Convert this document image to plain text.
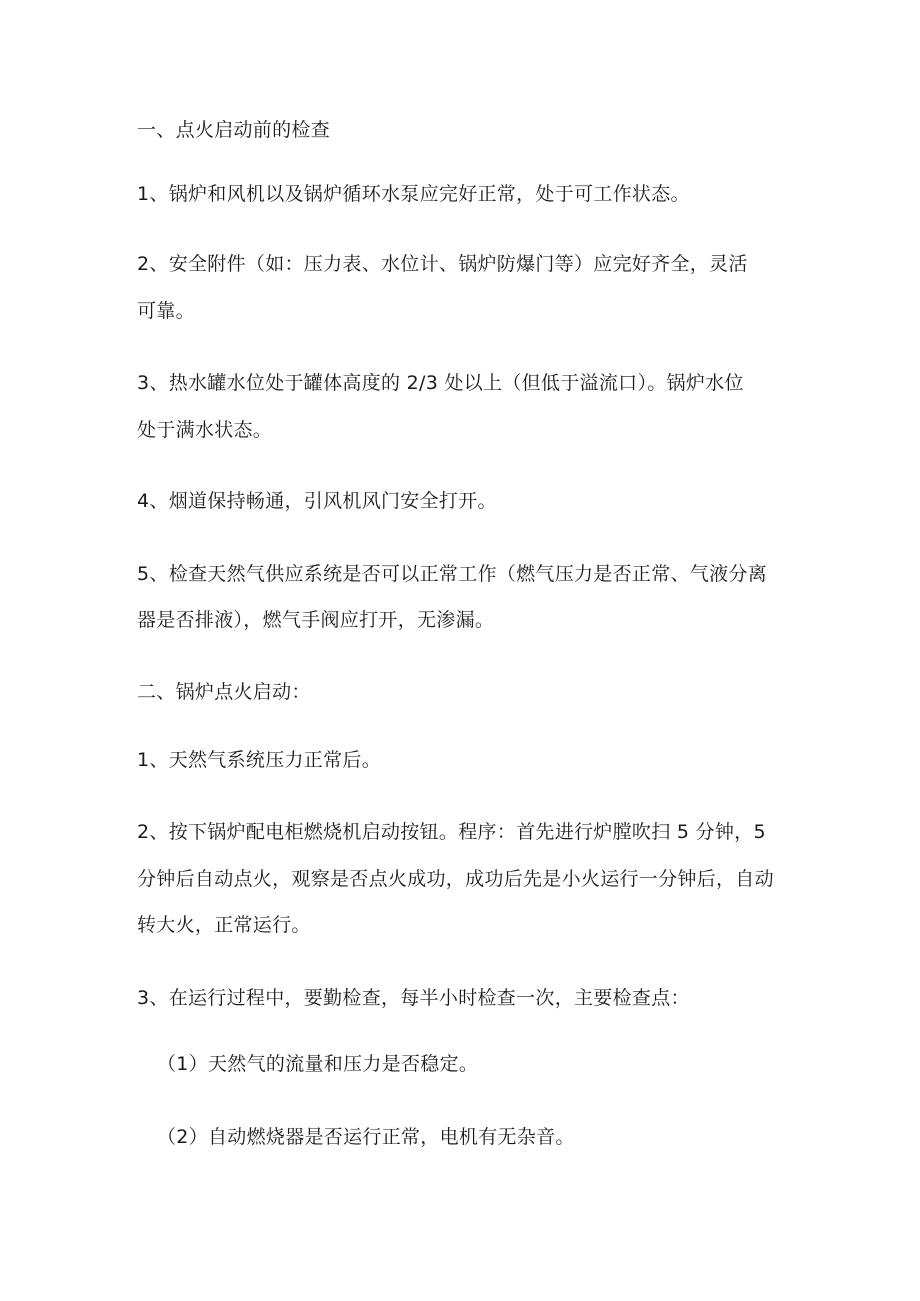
一、点火启动前的检查
1、锅炉和风机以及锅炉循环水泵应完好正常，处于可工作状态。
2、安全附件（如：压力表、水位计、锅炉防爆门等）应完好齐全，灵活
可靠。
3、热水罐水位处于罐体高度的 2/3 处以上（但低于溢流口）。锅炉水位
处于满水状态。
4、烟道保持畅通，引风机风门安全打开。
5、检查天然气供应系统是否可以正常工作（燃气压力是否正常、气液分离
器是否排液），燃气手阀应打开，无渗漏。
二、锅炉点火启动：
1、天然气系统压力正常后。
2、按下锅炉配电柜燃烧机启动按钮。程序：首先进行炉膛吹扫 5 分钟，5
分钟后自动点火，观察是否点火成功，成功后先是小火运行一分钟后，自动
转大火，正常运行。
3、在运行过程中，要勤检查，每半小时检查一次，主要检查点：
（1）天然气的流量和压力是否稳定。
（2）自动燃烧器是否运行正常，电机有无杂音。
